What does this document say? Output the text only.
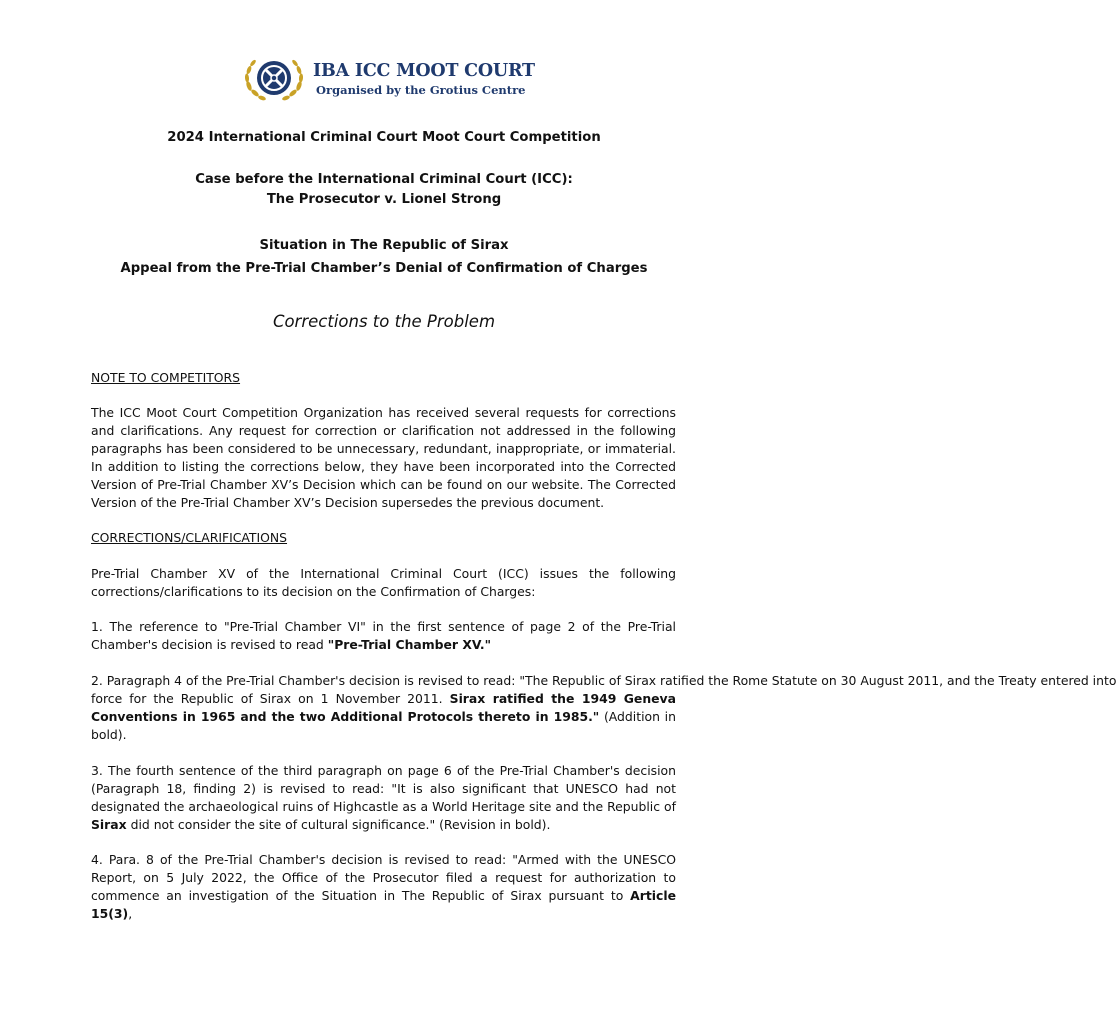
IBA ICC MOOT COURT
Organised by the Grotius Centre
2024 International Criminal Court Moot Court Competition
Case before the International Criminal Court (ICC):
The Prosecutor v. Lionel Strong
Situation in The Republic of Sirax
Appeal from the Pre-Trial Chamber’s Denial of Confirmation of Charges
Corrections to the Problem
NOTE TO COMPETITORS
The ICC Moot Court Competition Organization has received several requests for corrections and clarifications. Any request for correction or clarification not addressed in the following paragraphs has been considered to be unnecessary, redundant, inappropriate, or immaterial. In addition to listing the corrections below, they have been incorporated into the Corrected Version of Pre-Trial Chamber XV’s Decision which can be found on our website. The Corrected Version of the Pre-Trial Chamber XV’s Decision supersedes the previous document.
CORRECTIONS/CLARIFICATIONS
Pre-Trial Chamber XV of the International Criminal Court (ICC) issues the following corrections/clarifications to its decision on the Confirmation of Charges:
1. The reference to "Pre-Trial Chamber VI" in the first sentence of page 2 of the Pre-Trial Chamber's decision is revised to read "Pre-Trial Chamber XV."
2. Paragraph 4 of the Pre-Trial Chamber's decision is revised to read: "The Republic of Sirax ratified the Rome Statute on 30 August 2011, and the Treaty entered into
force for the Republic of Sirax on 1 November 2011. Sirax ratified the 1949 Geneva Conventions in 1965 and the two Additional Protocols thereto in 1985." (Addition in bold).
3. The fourth sentence of the third paragraph on page 6 of the Pre-Trial Chamber's decision (Paragraph 18, finding 2) is revised to read: "It is also significant that UNESCO had not designated the archaeological ruins of Highcastle as a World Heritage site and the Republic of Sirax did not consider the site of cultural significance." (Revision in bold).
4. Para. 8 of the Pre-Trial Chamber's decision is revised to read: "Armed with the UNESCO Report, on 5 July 2022, the Office of the Prosecutor filed a request for authorization to commence an investigation of the Situation in The Republic of Sirax pursuant to Article 15(3),
